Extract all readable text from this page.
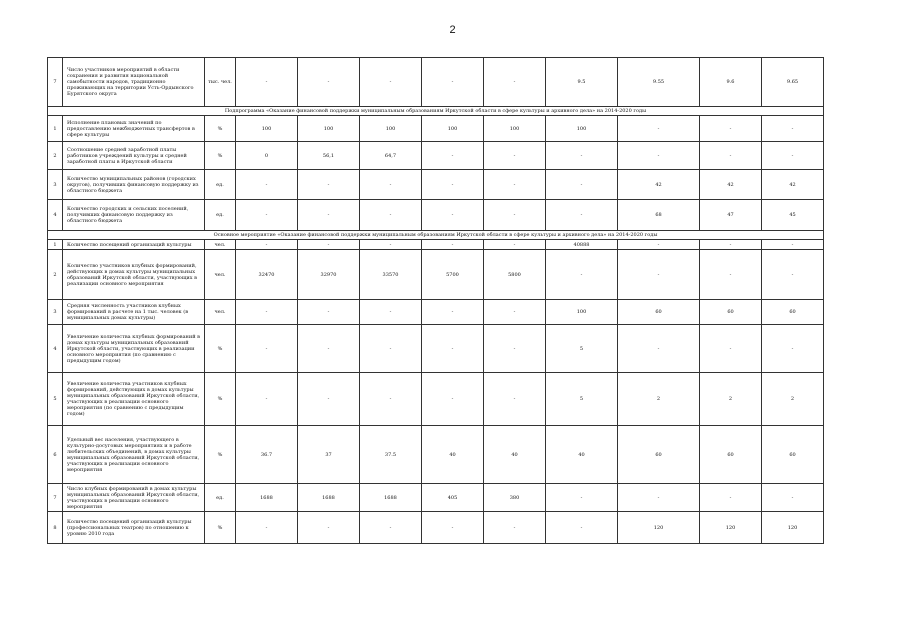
2
7	Число участников мероприятий в области сохранения и развития национальной самобытности народов, традиционно проживающих на территории Усть-Ордынского Бурятского округа	тыс. чел.	-	-	-	-	-	9.5	9.55	9.6	9.65
Подпрограмма «Оказание финансовой поддержки муниципальным образованиям Иркутской области в сфере культуры и архивного дела» на 2014-2020 годы											
1	Исполнение плановых значений по предоставлению межбюджетных трансфертов в сфере культуры	%	100	100	100	100	100	100	-	-	-
2	Соотношение средней заработной платы работников учреждений культуры и средней заработной платы в Иркутской области	%	0	56,1	64,7	-	-	-	-	-	-
3	Количество муниципальных районов (городских округов), получивших финансовую поддержку из областного бюджета	ед.	-	-	-	-	-	-	42	42	42
4	Количество городских и сельских поселений, получивших финансовую поддержку из областного бюджета	ед.	-	-	-	-	-	-	68	47	45
Основное мероприятие «Оказание финансовой поддержки муниципальным образованиям Иркутской области в сфере культуры и архивного дела» на 2014-2020 годы											
1	Количество посещений организаций культуры	чел.	-	-	-	-	-	40888	-	-	-
2	Количество участников клубных формирований, действующих в домах культуры муниципальных образований Иркутской области, участвующих в реализации основного мероприятия	чел.	32470	32970	33570	5700	5800	-	-	-	-
3	Средняя численность участников клубных формирований в расчете на 1 тыс. человек (в муниципальных домах культуры)	чел.	-	-	-	-	-	100	60	60	60
4	Увеличение количества клубных формирований в домах культуры муниципальных образований Иркутской области, участвующих в реализации основного мероприятия (по сравнению с предыдущим годом)	%	-	-	-	-	-	5	-	-	-
5	Увеличение количества участников клубных формирований, действующих в домах культуры муниципальных образований Иркутской области, участвующих в реализации основного мероприятия (по сравнению с предыдущим годом)	%	-	-	-	-	-	5	2	2	2
6	Удельный вес населения, участвующего в культурно-досуговых мероприятиях и в работе любительских объединений, в домах культуры муниципальных образований Иркутской области, участвующих в реализации основного мероприятия	%	36.7	37	37.5	40	40	40	60	60	60
7	Число клубных формирований в домах культуры муниципальных образований Иркутской области, участвующих в реализации основного мероприятия	ед.	1688	1688	1688	405	380	-	-	-	-
8	Количество посещений организаций культуры (профессиональных театров) по отношению к уровню 2010 года	%	-	-	-	-	-	-	120	120	120
